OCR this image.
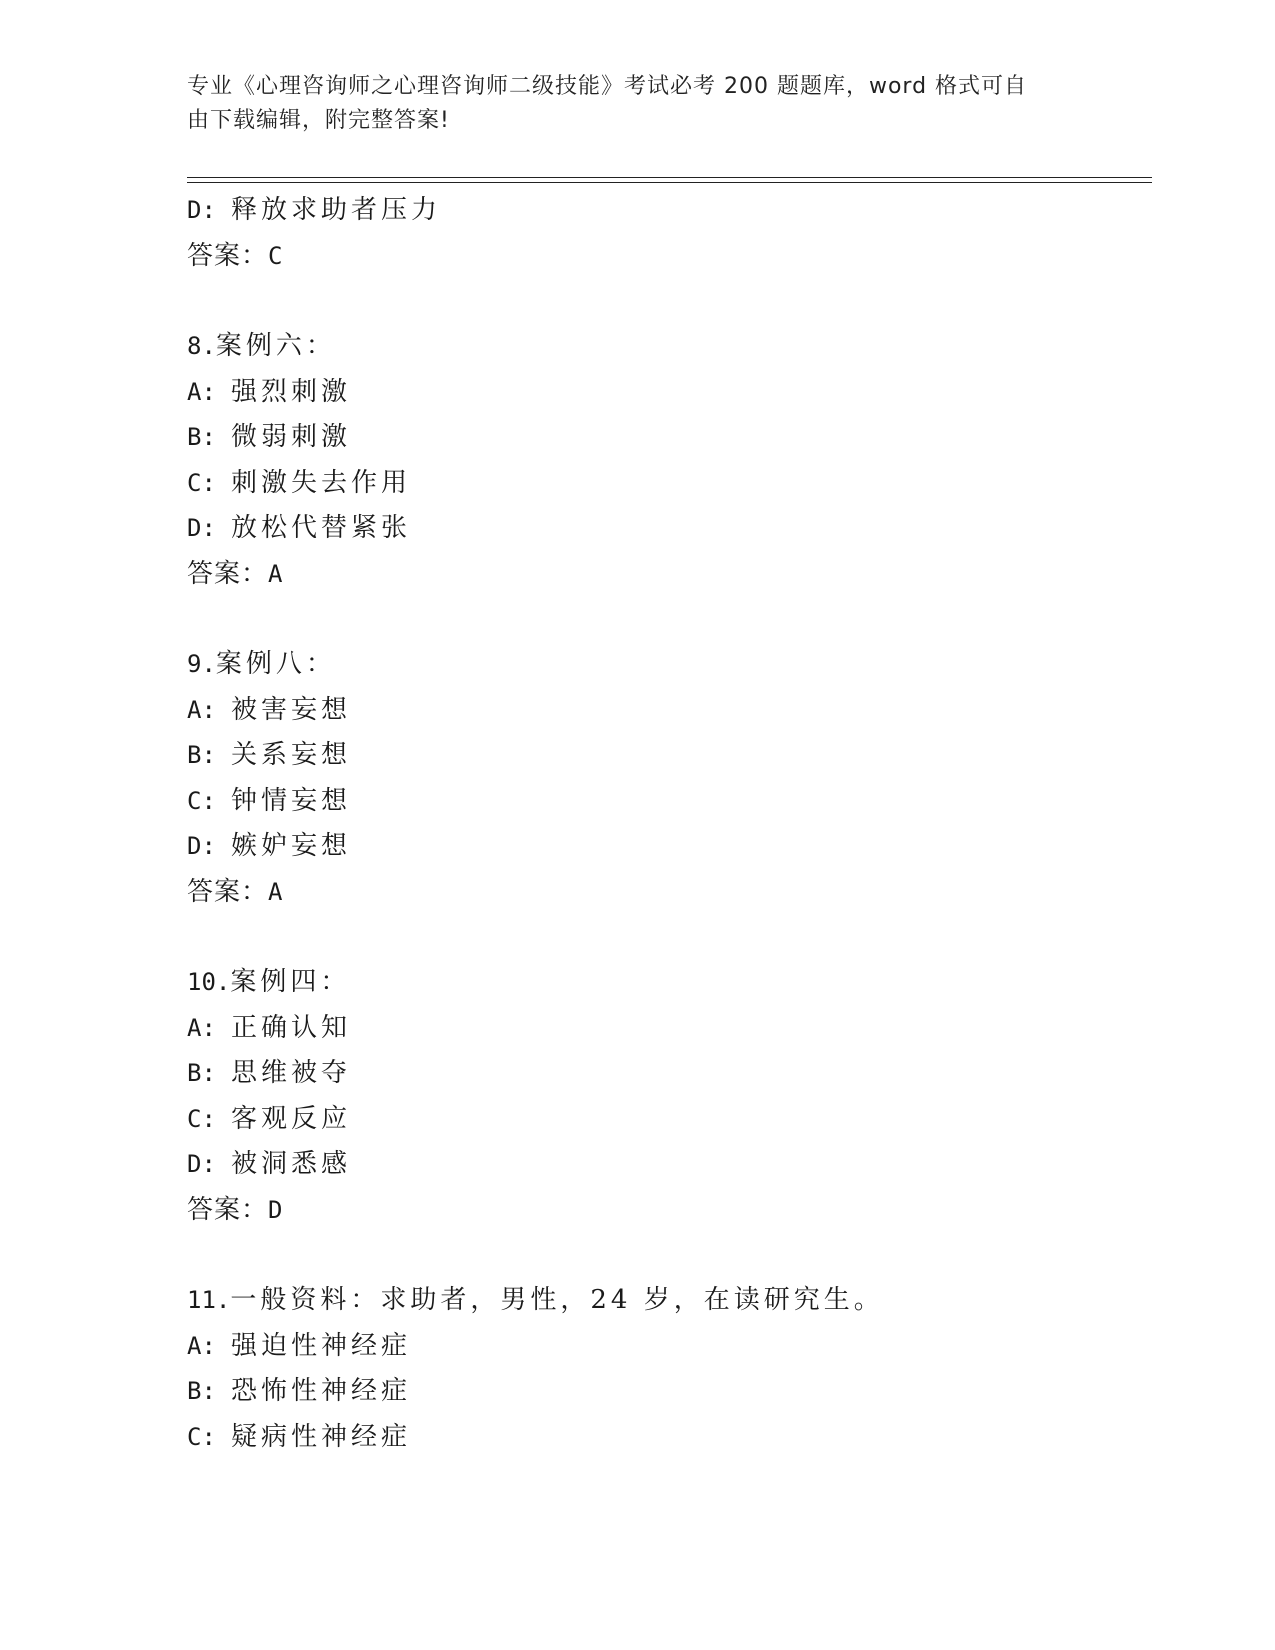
专业《心理咨询师之心理咨询师二级技能》考试必考 200 题题库，word 格式可自
由下载编辑，附完整答案!
D: 释放求助者压力
答案：C
8.案例六：
A: 强烈刺激
B: 微弱刺激
C: 刺激失去作用
D: 放松代替紧张
答案：A
9.案例八：
A: 被害妄想
B: 关系妄想
C: 钟情妄想
D: 嫉妒妄想
答案：A
10.案例四：
A: 正确认知
B: 思维被夺
C: 客观反应
D: 被洞悉感
答案：D
11.一般资料：求助者，男性，24 岁，在读研究生。
A: 强迫性神经症
B: 恐怖性神经症
C: 疑病性神经症
